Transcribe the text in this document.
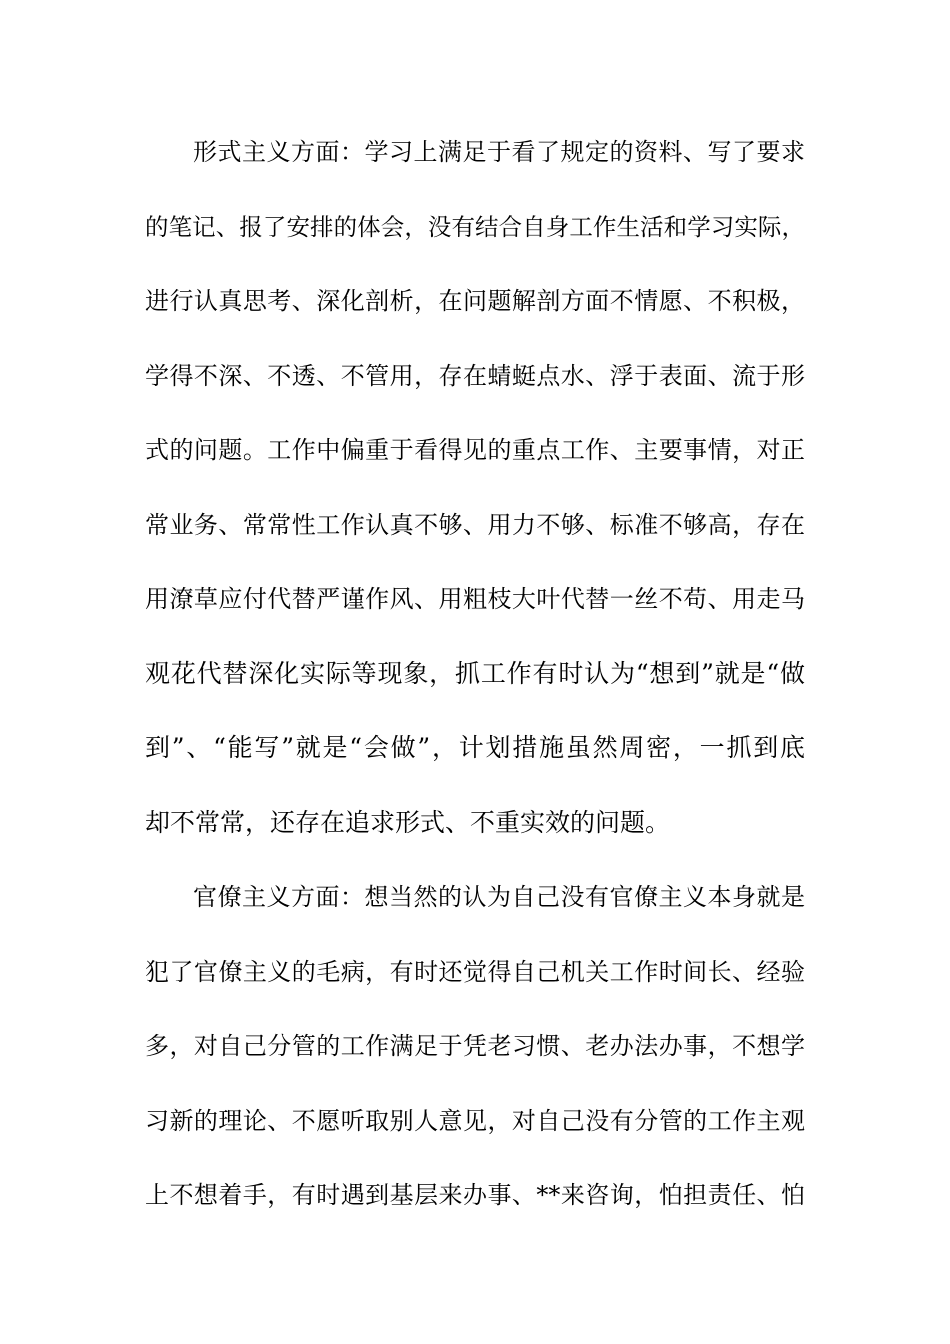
形式主义方面：学习上满足于看了规定的资料、写了要求
的笔记、报了安排的体会，没有结合自身工作生活和学习实际，
进行认真思考、深化剖析，在问题解剖方面不情愿、不积极，
学得不深、不透、不管用，存在蜻蜓点水、浮于表面、流于形
式的问题。工作中偏重于看得见的重点工作、主要事情，对正
常业务、常常性工作认真不够、用力不够、标准不够高，存在
用潦草应付代替严谨作风、用粗枝大叶代替一丝不苟、用走马
观花代替深化实际等现象，抓工作有时认为“想到”就是“做
到”、“能写”就是“会做”，计划措施虽然周密，一抓到底
却不常常，还存在追求形式、不重实效的问题。
官僚主义方面：想当然的认为自己没有官僚主义本身就是
犯了官僚主义的毛病，有时还觉得自己机关工作时间长、经验
多，对自己分管的工作满足于凭老习惯、老办法办事，不想学
习新的理论、不愿听取别人意见，对自己没有分管的工作主观
上不想着手，有时遇到基层来办事、**来咨询，怕担责任、怕
